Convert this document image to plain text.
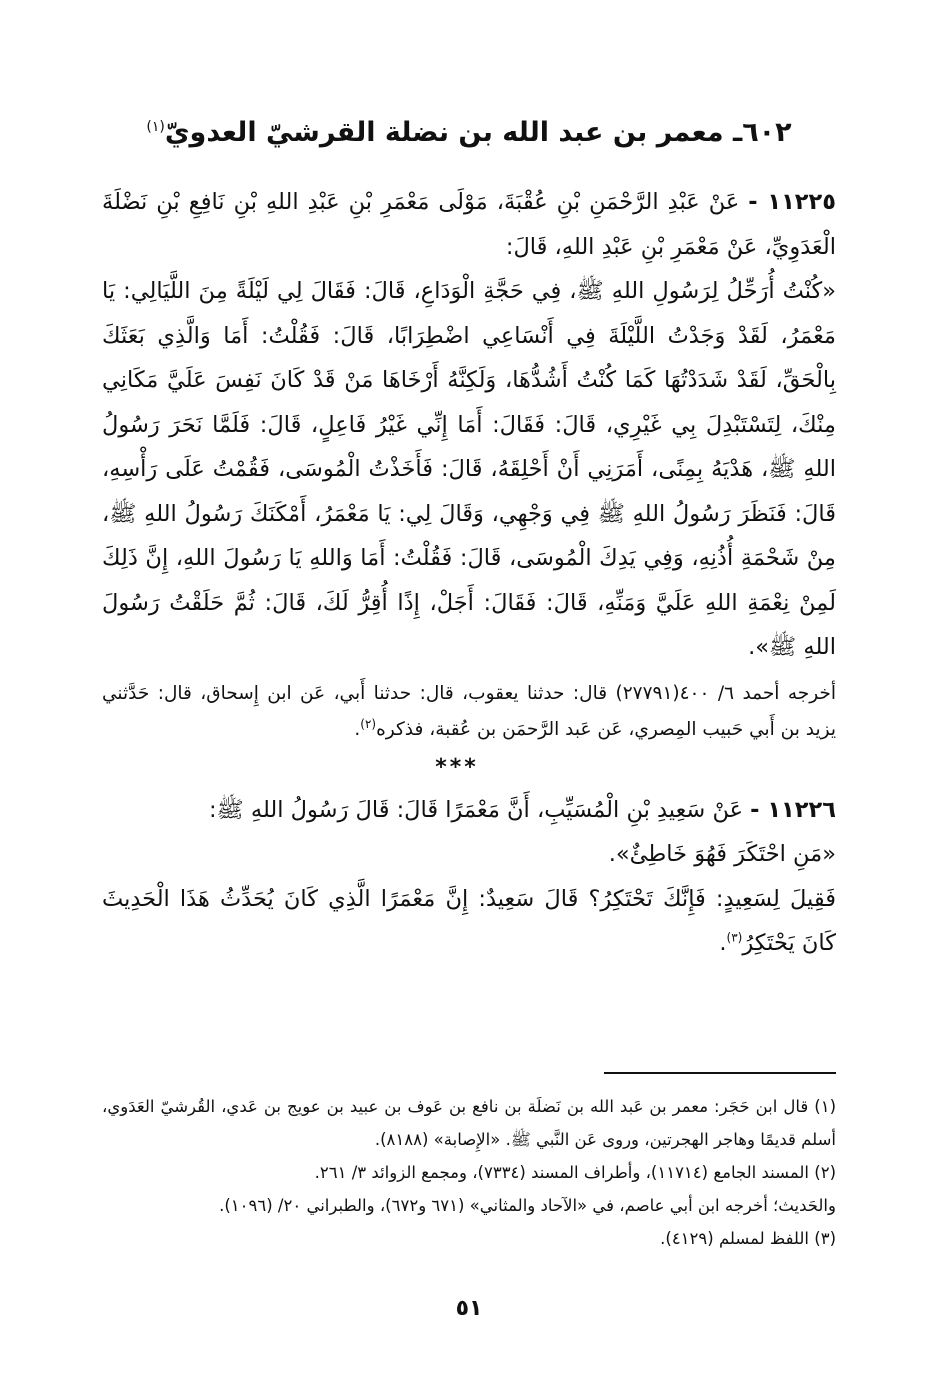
٦٠٢ـ معمر بن عبد الله بن نضلة القرشيّ العدويّ$^{(١)}$

١١٢٢٥ - عَنْ عَبْدِ الرَّحْمَنِ بْنِ عُقْبَةَ، مَوْلَى مَعْمَرِ بْنِ عَبْدِ اللهِ بْنِ نَافِعِ بْنِ نَضْلَةَ الْعَدَوِيِّ، عَنْ مَعْمَرِ بْنِ عَبْدِ اللهِ، قَالَ:

«كُنْتُ أُرَحِّلُ لِرَسُولِ اللهِ ﷺ، فِي حَجَّةِ الْوَدَاعِ، قَالَ: فَقَالَ لِي لَيْلَةً مِنَ اللَّيَالِي: يَا مَعْمَرُ، لَقَدْ وَجَدْتُ اللَّيْلَةَ فِي أَنْسَاعِي اضْطِرَابًا، قَالَ: فَقُلْتُ: أَمَا وَالَّذِي بَعَثَكَ بِالْحَقِّ، لَقَدْ شَدَدْتُهَا كَمَا كُنْتُ أَشُدُّهَا، وَلَكِنَّهُ أَرْخَاهَا مَنْ قَدْ كَانَ نَفِسَ عَلَيَّ مَكَانِي مِنْكَ، لِتَسْتَبْدِلَ بِي غَيْرِي، قَالَ: فَقَالَ: أَمَا إِنِّي غَيْرُ فَاعِلٍ، قَالَ: فَلَمَّا نَحَرَ رَسُولُ اللهِ ﷺ، هَدْيَهُ بِمِنًى، أَمَرَنِي أَنْ أَحْلِقَهُ، قَالَ: فَأَخَذْتُ الْمُوسَى، فَقُمْتُ عَلَى رَأْسِهِ، قَالَ: فَنَظَرَ رَسُولُ اللهِ ﷺ فِي وَجْهِي، وَقَالَ لِي: يَا مَعْمَرُ، أَمْكَنَكَ رَسُولُ اللهِ ﷺ، مِنْ شَحْمَةِ أُذُنِهِ، وَفِي يَدِكَ الْمُوسَى، قَالَ: فَقُلْتُ: أَمَا وَاللهِ يَا رَسُولَ اللهِ، إِنَّ ذَلِكَ لَمِنْ نِعْمَةِ اللهِ عَلَيَّ وَمَنِّهِ، قَالَ: فَقَالَ: أَجَلْ، إِذًا أُقِرُّ لَكَ، قَالَ: ثُمَّ حَلَقْتُ رَسُولَ اللهِ ﷺ».

أخرجه أحمد ٦/ ٤٠٠(٢٧٧٩١) قال: حدثنا يعقوب، قال: حدثنا أَبي، عَن ابن إِسحاق، قال: حَدَّثني يزيد بن أَبي حَبيب المِصري، عَن عَبد الرَّحمَن بن عُقبة، فذكره$^{(٢)}$.

***

١١٢٢٦ - عَنْ سَعِيدِ بْنِ الْمُسَيِّبِ، أَنَّ مَعْمَرًا قَالَ: قَالَ رَسُولُ اللهِ ﷺ:

«مَنِ احْتَكَرَ فَهُوَ خَاطِئٌ».

فَقِيلَ لِسَعِيدٍ: فَإِنَّكَ تَحْتَكِرُ؟ قَالَ سَعِيدٌ: إِنَّ مَعْمَرًا الَّذِي كَانَ يُحَدِّثُ هَذَا الْحَدِيثَ كَانَ يَحْتَكِرُ$^{(٣)}$.

(١) قال ابن حَجَر: معمر بن عَبد الله بن نَضلَة بن نافع بن عَوف بن عبيد بن عويج بن عَدي، القُرشيّ العَدَوي، أسلم قديمًا وهاجر الهجرتين، وروى عَن النَّبي ﷺ. «الإِصابة» (٨١٨٨).

(٢) المسند الجامع (١١٧١٤)، وأطراف المسند (٧٣٣٤)، ومجمع الزوائد ٣/ ٢٦١.

والحَديث؛ أخرجه ابن أبي عاصم، في «الآحاد والمثاني» (٦٧١ و٦٧٢)، والطبراني ٢٠/ (١٠٩٦).

(٣) اللفظ لمسلم (٤١٢٩).

٥١
